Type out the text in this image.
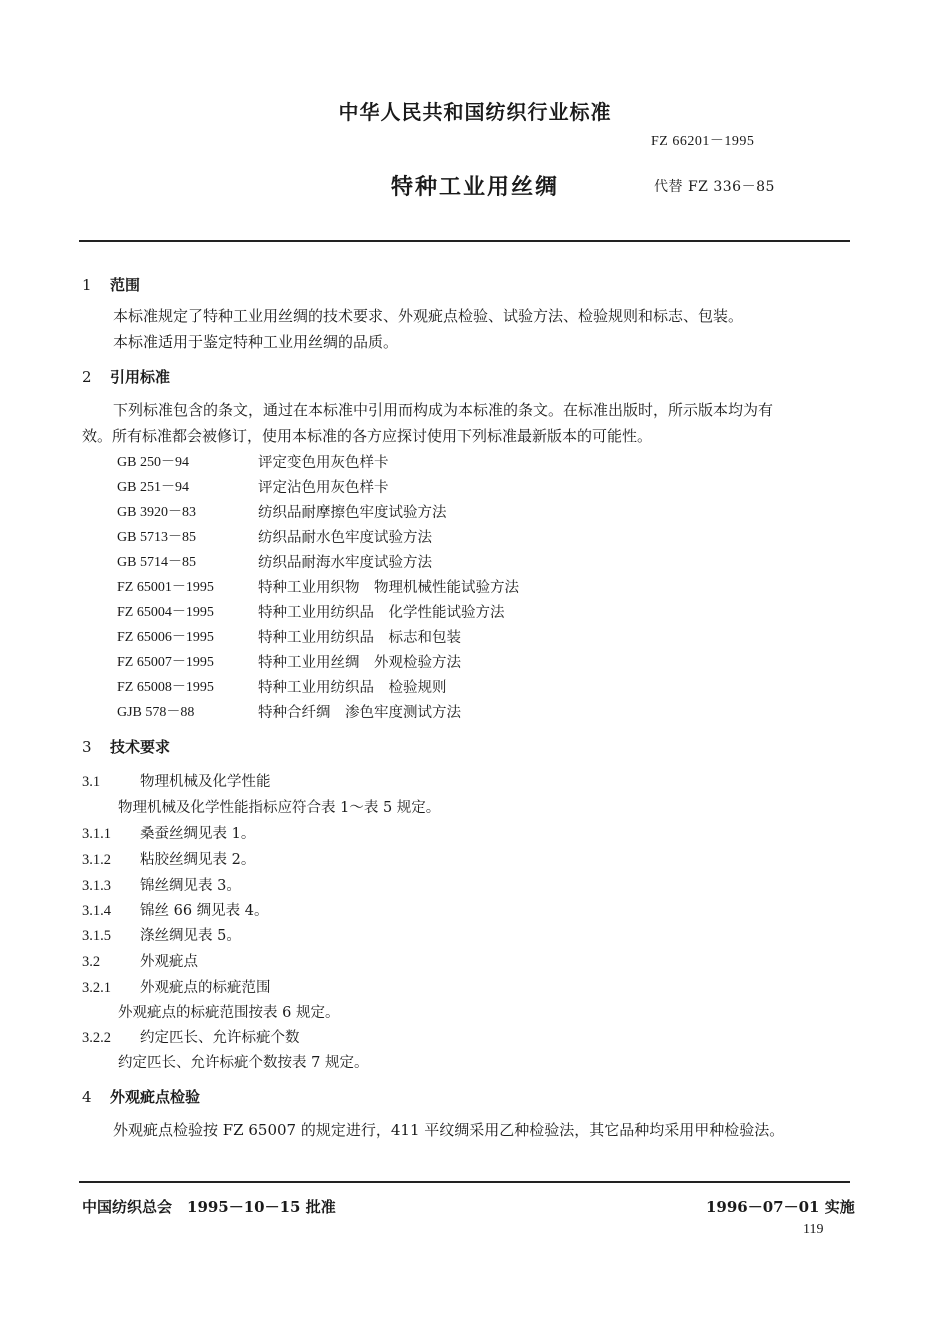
中华人民共和国纺织行业标准
FZ 66201－1995
特种工业用丝绸	代替 FZ 336－85
1 范围
本标准规定了特种工业用丝绸的技术要求、外观疵点检验、试验方法、检验规则和标志、包装。
本标准适用于鉴定特种工业用丝绸的品质。
2 引用标准
下列标准包含的条文，通过在本标准中引用而构成为本标准的条文。在标准出版时，所示版本均为有
效。所有标准都会被修订，使用本标准的各方应探讨使用下列标准最新版本的可能性。
GB 250－94	评定变色用灰色样卡
GB 251－94	评定沾色用灰色样卡
GB 3920－83	纺织品耐摩擦色牢度试验方法
GB 5713－85	纺织品耐水色牢度试验方法
GB 5714－85	纺织品耐海水牢度试验方法
FZ 65001－1995	特种工业用织物　物理机械性能试验方法
FZ 65004－1995	特种工业用纺织品　化学性能试验方法
FZ 65006－1995	特种工业用纺织品　标志和包装
FZ 65007－1995	特种工业用丝绸　外观检验方法
FZ 65008－1995	特种工业用纺织品　检验规则
GJB 578－88	特种合纤绸　渗色牢度测试方法
3 技术要求
3.1	物理机械及化学性能
物理机械及化学性能指标应符合表 1～表 5 规定。
3.1.1 桑蚕丝绸见表 1。
3.1.2 粘胶丝绸见表 2。
3.1.3 锦丝绸见表 3。
3.1.4 锦丝 66 绸见表 4。
3.1.5 涤丝绸见表 5。
3.2	外观疵点
3.2.1 外观疵点的标疵范围
外观疵点的标疵范围按表 6 规定。
3.2.2 约定匹长、允许标疵个数
约定匹长、允许标疵个数按表 7 规定。
4 外观疵点检验
外观疵点检验按 FZ 65007 的规定进行，411 平纹绸采用乙种检验法，其它品种均采用甲种检验法。
中国纺织总会　1995－10－15 批准	1996－07－01 实施
119
